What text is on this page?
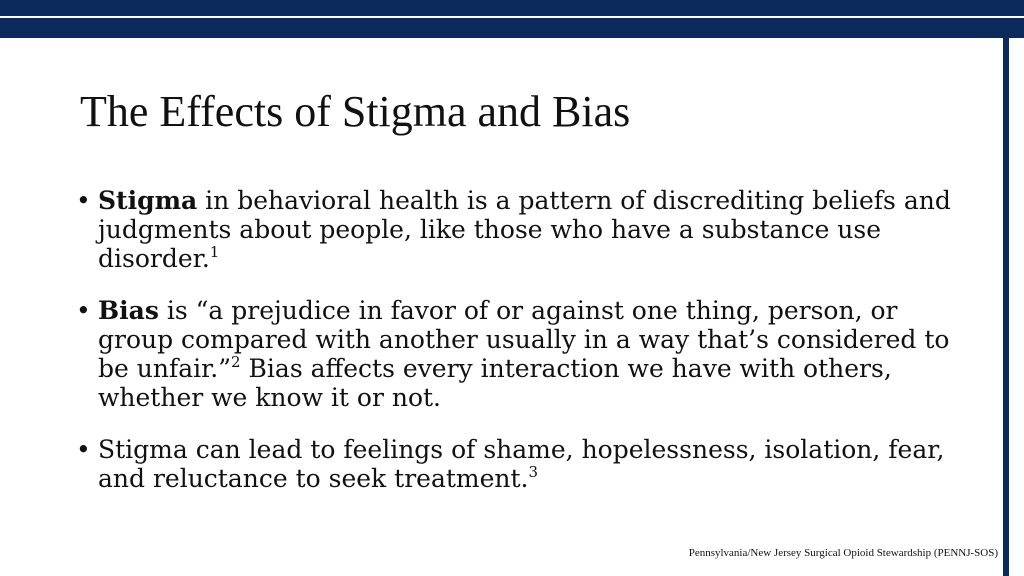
The Effects of Stigma and Bias
• Stigma in behavioral health is a pattern of discrediting beliefs and judgments about people, like those who have a substance use disorder.$^1$
• Bias is “a prejudice in favor of or against one thing, person, or group compared with another usually in a way that’s considered to be unfair.”$^2$ Bias affects every interaction we have with others, whether we know it or not.
• Stigma can lead to feelings of shame, hopelessness, isolation, fear, and reluctance to seek treatment.$^3$
Pennsylvania/New Jersey Surgical Opioid Stewardship (PENNJ-SOS)
